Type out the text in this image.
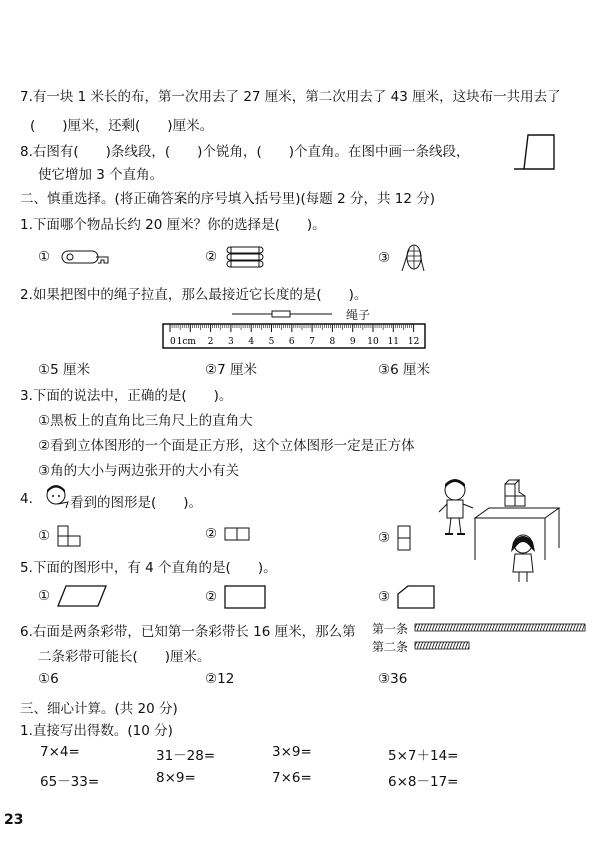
7.有一块 1 米长的布，第一次用去了 27 厘米，第二次用去了 43 厘米，这块布一共用去了
(　　)厘米，还剩(　　)厘米。
8.右图有(　　)条线段，(　　)个锐角，(　　)个直角。在图中画一条线段，
使它增加 3 个直角。
二、慎重选择。(将正确答案的序号填入括号里)(每题 2 分，共 12 分)
1.下面哪个物品长约 20 厘米？你的选择是(　　)。
①	②	③
2.如果把图中的绳子拉直，那么最接近它长度的是(　　)。
绳子
0 1cm 2 3 4 5 6 7 8 9 10 11 12
①5 厘米	②7 厘米	③6 厘米
3.下面的说法中，正确的是(　　)。
①黑板上的直角比三角尺上的直角大
②看到立体图形的一个面是正方形，这个立体图形一定是正方体
③角的大小与两边张开的大小有关
4.	看到的图形是(　　)。
①	②	③
5.下面的图形中，有 4 个直角的是(　　)。
①	②	③
6.右面是两条彩带，已知第一条彩带长 16 厘米，那么第
二条彩带可能长(　　)厘米。
第一条
第二条
①6	②12	③36
三、细心计算。(共 20 分)
1.直接写出得数。(10 分)
7×4=	31－28=	3×9=	5×7＋14=
65－33=	8×9=	7×6=	6×8－17=
23
